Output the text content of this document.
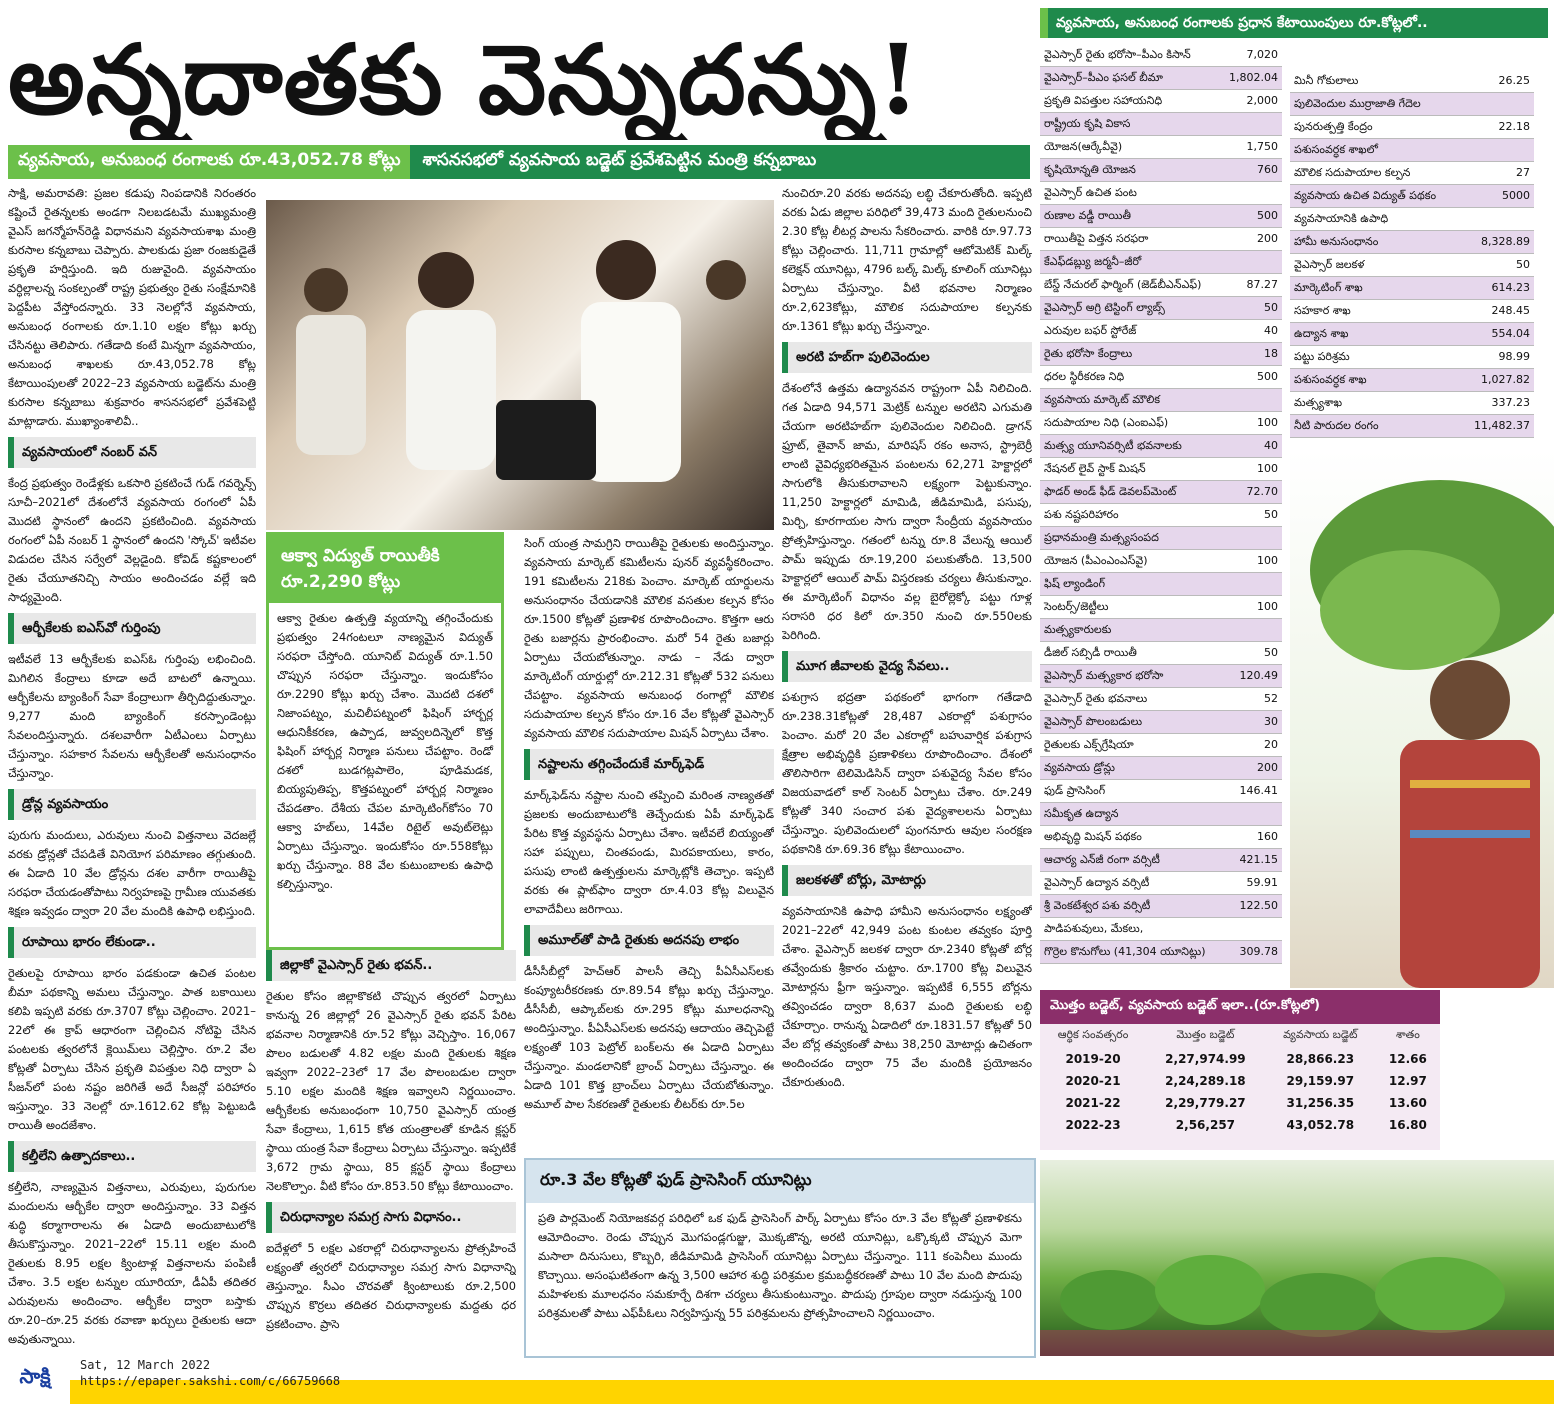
అన్నదాతకు వెన్నుదన్ను!
వ్యవసాయ, అనుబంధ రంగాలకు రూ.43,052.78 కోట్లు	శాసనసభలో వ్యవసాయ బడ్జెట్ ప్రవేశపెట్టిన మంత్రి కన్నబాబు

సాక్షి, అమరావతి: ప్రజల కడుపు నింపడానికి నిరంతరం కష్టించే రైతన్నలకు అండగా నిలబడటమే ముఖ్యమంత్రి వైఎస్ జగన్మోహన్‌రెడ్డి విధానమని వ్యవసాయశాఖ మంత్రి కురసాల కన్నబాబు చెప్పారు. పాలకుడు ప్రజా రంజకుడైతే ప్రకృతి హర్షిస్తుంది. ఇది రుజువైంది. వ్యవసాయం వర్ధిల్లాలన్న సంకల్పంతో రాష్ట్ర ప్రభుత్వం రైతు సంక్షేమానికి పెద్దపీట వేస్తోందన్నారు. 33 నెలల్లోనే వ్యవసాయ, అనుబంధ రంగాలకు రూ.1.10 లక్షల కోట్లు ఖర్చు చేసినట్టు తెలిపారు. గతేడాది కంటే మిన్నగా వ్యవసాయం, అనుబంధ శాఖలకు రూ.43,052.78 కోట్ల కేటాయింపులతో 2022–23 వ్యవసాయ బడ్జెట్‌ను మంత్రి కురసాల కన్నబాబు శుక్రవారం శాసనసభలో ప్రవేశపెట్టి మాట్లాడారు. ముఖ్యాంశాలివీ..

వ్యవసాయంలో నంబర్ వన్

కేంద్ర ప్రభుత్వం రెండేళ్లకు ఒకసారి ప్రకటించే గుడ్ గవర్నెన్స్ సూచీ–2021లో దేశంలోనే వ్యవసాయ రంగంలో ఏపీ మొదటి స్థానంలో ఉందని ప్రకటించింది. వ్యవసాయ రంగంలో ఏపీ నంబర్ 1 స్థానంలో ఉందని 'స్కోచ్' ఇటీవల విడుదల చేసిన సర్వేలో వెల్లడైంది. కోవిడ్ కష్టకాలంలో రైతు చేయూతనిచ్చి సాయం అందించడం వల్లే ఇది సాధ్యమైంది.

ఆర్బీకేలకు ఐఎస్‌వో గుర్తింపు

ఇటీవలే 13 ఆర్బీకేలకు ఐఎస్ఓ గుర్తింపు లభించింది. మిగిలిన కేంద్రాలు కూడా అదే బాటలో ఉన్నాయి. ఆర్బీకేలను బ్యాంకింగ్ సేవా కేంద్రాలుగా తీర్చిదిద్దుతున్నాం. 9,277 మంది బ్యాంకింగ్ కరస్పాండెంట్లు సేవలందిస్తున్నారు. దశలవారీగా ఏటీఎంలు ఏర్పాటు చేస్తున్నాం. సహకార సేవలను ఆర్బీకేలతో అనుసంధానం చేస్తున్నాం.

డ్రోన్ల వ్యవసాయం

పురుగు మందులు, ఎరువులు నుంచి విత్తనాలు వెదజల్లే వరకు డ్రోన్లతో చేపడితే వినియోగ పరిమాణం తగ్గుతుంది. ఈ ఏడాది 10 వేల డ్రోన్లను దశల వారీగా రాయితీపై సరఫరా చేయడంతోపాటు నిర్వహణపై గ్రామీణ యువతకు శిక్షణ ఇవ్వడం ద్వారా 20 వేల మందికి ఉపాధి లభిస్తుంది.

రూపాయి భారం లేకుండా..

రైతులపై రూపాయి భారం పడకుండా ఉచిత పంటల బీమా పథకాన్ని అమలు చేస్తున్నాం. పాత బకాయిలు కలిపి ఇప్పటి వరకు రూ.3707 కోట్లు చెల్లించాం. 2021–22లో ఈ క్రాప్ ఆధారంగా చెల్లించిన నోటిఫై చేసిన పంటలకు త్వరలోనే క్లెయిమ్‌లు చెల్లిస్తాం. రూ.2 వేల కోట్లతో ఏర్పాటు చేసిన ప్రకృతి విపత్తుల నిధి ద్వారా ఏ సీజన్‌లో పంట నష్టం జరిగితే అదే సీజన్లో పరిహారం ఇస్తున్నాం. 33 నెలల్లో రూ.1612.62 కోట్ల పెట్టుబడి రాయితీ అందజేశాం.

కల్తీలేని ఉత్పాదకాలు..

కల్తీలేని, నాణ్యమైన విత్తనాలు, ఎరువులు, పురుగుల మందులను ఆర్బీకేల ద్వారా అందిస్తున్నాం. 33 విత్తన శుద్ధి కర్మాగారాలను ఈ ఏడాది అందుబాటులోకి తీసుకొస్తున్నాం. 2021–22లో 15.11 లక్షల మంది రైతులకు 8.95 లక్షల క్వింటాళ్ల విత్తనాలను పంపిణీ చేశాం. 3.5 లక్షల టన్నుల యూరియా, డీఏపీ తదితర ఎరువులను అందించాం. ఆర్బీకేల ద్వారా బస్తాకు రూ.20–రూ.25 వరకు రవాణా ఖర్చులు రైతులకు ఆదా అవుతున్నాయి.

ఆక్వా విద్యుత్ రాయితీకి రూ.2,290 కోట్లు
ఆక్వా రైతుల ఉత్పత్తి వ్యయాన్ని తగ్గించేందుకు ప్రభుత్వం 24గంటలూ నాణ్యమైన విద్యుత్ సరఫరా చేస్తోంది. యూనిట్ విద్యుత్ రూ.1.50 చొప్పున సరఫరా చేస్తున్నాం. ఇందుకోసం రూ.2290 కోట్లు ఖర్చు చేశాం. మొదటి దశలో నిజాంపట్నం, మచిలీపట్నంలో ఫిషింగ్ హార్బర్ల ఆధునికీకరణ, ఉప్పాడ, జువ్వలదిన్నెలో కొత్త ఫిషింగ్ హార్బర్ల నిర్మాణ పనులు చేపట్టాం. రెండో దశలో బుడగట్లపాలెం, పూడిమడక, బియ్యపుతిప్ప, కొత్తపట్నంలో హార్బర్ల నిర్మాణం చేపడతాం. దేశీయ చేపల మార్కెటింగ్‌కోసం 70 ఆక్వా హబ్‌లు, 14వేల రిటైల్ అవుట్‌లెట్లు ఏర్పాటు చేస్తున్నాం. ఇందుకోసం రూ.558కోట్లు ఖర్చు చేస్తున్నాం. 88 వేల కుటుంబాలకు ఉపాధి కల్పిస్తున్నాం.
జిల్లాకో వైఎస్సార్ రైతు భవన్..

రైతుల కోసం జిల్లాకొకటి చొప్పున త్వరలో ఏర్పాటు కానున్న 26 జిల్లాల్లో 26 వైఎస్సార్ రైతు భవన్ పేరిట భవనాల నిర్మాణానికి రూ.52 కోట్లు వెచ్చిస్తాం. 16,067 పొలం బడులతో 4.82 లక్షల మంది రైతులకు శిక్షణ ఇవ్వగా 2022–23లో 17 వేల పొలంబడుల ద్వారా 5.10 లక్షల మందికి శిక్షణ ఇవ్వాలని నిర్ణయించాం. ఆర్బీకేలకు అనుబంధంగా 10,750 వైఎస్సార్ యంత్ర సేవా కేంద్రాలు, 1,615 కోత యంత్రాలతో కూడిన క్లస్టర్ స్థాయి యంత్ర సేవా కేంద్రాలు ఏర్పాటు చేస్తున్నాం. ఇప్పటికే 3,672 గ్రామ స్థాయి, 85 క్లస్టర్ స్థాయి కేంద్రాలు నెలకొల్పాం. వీటి కోసం రూ.853.50 కోట్లు కేటాయించాం.

చిరుధాన్యాల సమగ్ర సాగు విధానం..

ఐదేళ్లలో 5 లక్షల ఎకరాల్లో చిరుధాన్యాలను ప్రోత్సహించే లక్ష్యంతో త్వరలో చిరుధాన్యాల సమగ్ర సాగు విధానాన్ని తెస్తున్నాం. సీఎం చొరవతో క్వింటాలుకు రూ.2,500 చొప్పున కొర్రలు తదితర చిరుధాన్యాలకు మద్దతు ధర ప్రకటించాం. ప్రాసె

సింగ్ యంత్ర సామగ్రిని రాయితీపై రైతులకు అందిస్తున్నాం. వ్యవసాయ మార్కెట్ కమిటీలను పునర్ వ్యవస్థీకరించాం. 191 కమిటీలను 218కు పెంచాం. మార్కెట్ యార్డులను అనుసంధానం చేయడానికి మౌలిక వసతుల కల్పన కోసం రూ.1500 కోట్లతో ప్రణాళిక రూపొందించాం. కొత్తగా ఆరు రైతు బజార్లను ప్రారంభించాం. మరో 54 రైతు బజార్లు ఏర్పాటు చేయబోతున్నాం. నాడు – నేడు ద్వారా మార్కెటింగ్ యార్డుల్లో రూ.212.31 కోట్లతో 532 పనులు చేపట్టాం. వ్యవసాయ అనుబంధ రంగాల్లో మౌలిక సదుపాయాల కల్పన కోసం రూ.16 వేల కోట్లతో వైఎస్సార్ వ్యవసాయ మౌలిక సదుపాయాల మిషన్ ఏర్పాటు చేశాం.

నష్టాలను తగ్గించేందుకే మార్క్‌ఫెడ్

మార్క్‌ఫెడ్‌ను నష్టాల నుంచి తప్పించి మరింత నాణ్యతతో ప్రజలకు అందుబాటులోకి తెచ్చేందుకు ఏపీ మార్క్‌ఫెడ్ పేరిట కొత్త వ్యవస్థను ఏర్పాటు చేశాం. ఇటీవలే బియ్యంతో సహా పప్పులు, చింతపండు, మిరపకాయలు, కారం, పసుపు లాంటి ఉత్పత్తులను మార్కెట్లోకి తెచ్చాం. ఇప్పటి వరకు ఈ ప్లాట్‌ఫాం ద్వారా రూ.4.03 కోట్ల విలువైన లావాదేవీలు జరిగాయి.

అమూల్‌తో పాడి రైతుకు అదనపు లాభం

డీసీసీబీల్లో హెచ్‌ఆర్ పాలసీ తెచ్చి పీఏసీఎస్‌లకు కంప్యూటరీకరణకు రూ.89.54 కోట్లు ఖర్చు చేస్తున్నాం. డీసీసీబీ, ఆప్కాబ్‌లకు రూ.295 కోట్లు మూలధనాన్ని అందిస్తున్నాం. పీఏసీఎస్‌లకు అదనపు ఆదాయం తెచ్చిపెట్టే లక్ష్యంతో 103 పెట్రోల్ బంక్‌లను ఈ ఏడాది ఏర్పాటు చేస్తున్నాం. మండలానికో బ్రాంచ్ ఏర్పాటు చేస్తున్నాం. ఈ ఏడాది 101 కొత్త బ్రాంచ్‌లు ఏర్పాటు చేయబోతున్నాం. అమూల్ పాల సేకరణతో రైతులకు లీటర్‌కు రూ.5ల

నుంచిరూ.20 వరకు అదనపు లబ్ధి చేకూరుతోంది. ఇప్పటి వరకు ఏడు జిల్లాల పరిధిలో 39,473 మంది రైతులనుంచి 2.30 కోట్ల లీటర్ల పాలను సేకరించారు. వారికి రూ.97.73 కోట్లు చెల్లించారు. 11,711 గ్రామాల్లో ఆటోమెటిక్ మిల్క్ కలెక్షన్ యూనిట్లు, 4796 బల్క్ మిల్క్ కూలింగ్ యూనిట్లు ఏర్పాటు చేస్తున్నాం. వీటి భవనాల నిర్మాణం రూ.2,623కోట్లు, మౌలిక సదుపాయాల కల్పనకు రూ.1361 కోట్లు ఖర్చు చేస్తున్నాం.

అరటి హబ్‌గా పులివెందుల

దేశంలోనే ఉత్తమ ఉద్యానవన రాష్ట్రంగా ఏపీ నిలిచింది. గత ఏడాది 94,571 మెట్రిక్ టన్నుల అరటిని ఎగుమతి చేయగా అరటిహబ్‌గా పులివెందుల నిలిచింది. డ్రాగన్ ఫ్రూట్, తైవాన్ జామ, మారిషస్ రకం అనాస, స్ట్రాబెర్రీ లాంటి వైవిధ్యభరితమైన పంటలను 62,271 హెక్టార్లలో సాగులోకి తీసుకురావాలని లక్ష్యంగా పెట్టుకున్నాం. 11,250 హెక్టార్లలో మామిడి, జీడిమామిడి, పసుపు, మిర్చి, కూరగాయల సాగు ద్వారా సేంద్రీయ వ్యవసాయం ప్రోత్సహిస్తున్నాం. గతంలో టన్ను రూ.8 వేలున్న ఆయిల్ పామ్ ఇప్పుడు రూ.19,200 పలుకుతోంది. 13,500 హెక్టార్లలో ఆయిల్ పామ్ విస్తరణకు చర్యలు తీసుకున్నాం. ఈ మార్కెటింగ్ విధానం వల్ల బైరోల్లెక్కో పట్టు గూళ్ల సరాసరి ధర కిలో రూ.350 నుంచి రూ.550లకు పెరిగింది.

మూగ జీవాలకు వైద్య సేవలు..

పశుగ్రాస భద్రతా పథకంలో భాగంగా గతేడాది రూ.238.31కోట్లతో 28,487 ఎకరాల్లో పశుగ్రాసం పెంచాం. మరో 20 వేల ఎకరాల్లో బహువార్షిక పశుగ్రాస క్షేత్రాల అభివృద్ధికి ప్రణాళికలు రూపొందించాం. దేశంలో తొలిసారిగా టెలిమెడిసిన్ ద్వారా పశువైద్య సేవల కోసం విజయవాడలో కాల్ సెంటర్ ఏర్పాటు చేశాం. రూ.249 కోట్లతో 340 సంచార పశు వైద్యశాలలను ఏర్పాటు చేస్తున్నాం. పులివెందులలో పుంగనూరు ఆవుల సంరక్షణ పథకానికి రూ.69.36 కోట్లు కేటాయించాం.

జలకళతో బోర్లు, మోటార్లు

వ్యవసాయానికి ఉపాధి హామీని అనుసంధానం లక్ష్యంతో 2021–22లో 42,949 పంట కుంటల తవ్వకం పూర్తి చేశాం. వైఎస్సార్ జలకళ ద్వారా రూ.2340 కోట్లతో బోర్ల తవ్వేందుకు శ్రీకారం చుట్టాం. రూ.1700 కోట్ల విలువైన మోటార్లను ఫ్రీగా ఇస్తున్నాం. ఇప్పటికే 6,555 బోర్లను తవ్వించడం ద్వారా 8,637 మంది రైతులకు లబ్ధి చేకూర్చాం. రానున్న ఏడాదిలో రూ.1831.57 కోట్లతో 50 వేల బోర్ల తవ్వకంతో పాటు 38,250 మోటార్లు ఉచితంగా అందించడం ద్వారా 75 వేల మందికి ప్రయోజనం చేకూరుతుంది.

రూ.3 వేల కోట్లతో ఫుడ్ ప్రాసెసింగ్ యూనిట్లు
ప్రతి పార్లమెంట్ నియోజకవర్గ పరిధిలో ఒక ఫుడ్ ప్రాసెసింగ్ పార్క్ ఏర్పాటు కోసం రూ.3 వేల కోట్లతో ప్రణాళికను ఆమోదించాం. రెండు చొప్పున మొగపండ్లగుజ్జు, మొక్కజొన్న, అరటి యూనిట్లు, ఒక్కొక్కటి చొప్పున మెగా మసాలా దినుసులు, కొబ్బరి, జీడిమామిడి ప్రాసెసింగ్ యూనిట్లు ఏర్పాటు చేస్తున్నాం. 111 కంపెనీలు ముందు కొచ్చాయి. అసంఘటితంగా ఉన్న 3,500 ఆహార శుద్ధి పరిశ్రమల క్రమబద్ధీకరణతో పాటు 10 వేల మంది పొదుపు మహిళలకు మూలధనం సమకూర్చే దిశగా చర్యలు తీసుకుంటున్నాం. పొదుపు గ్రూపుల ద్వారా నడుస్తున్న 100 పరిశ్రమలతో పాటు ఎఫ్‌పీఓలు నిర్వహిస్తున్న 55 పరిశ్రమలను ప్రోత్సహించాలని నిర్ణయించాం.
వ్యవసాయ, అనుబంధ రంగాలకు ప్రధాన కేటాయింపులు రూ.కోట్లలో..
వైఎస్సార్ రైతు భరోసా–పీఎం కిసాన్	7,020
వైఎస్సార్–పీఎం ఫసల్ బీమా	1,802.04
ప్రకృతి విపత్తుల సహాయనిధి	2,000
రాష్ట్రీయ కృషి వికాస
యోజన(ఆర్కేవీవై)	1,750
కృషియోన్నతి యోజన	760
వైఎస్సార్ ఉచిత పంట
రుణాల వడ్డీ రాయితీ	500
రాయితీపై విత్తన సరఫరా	200
కేఎఫ్‌డబ్ల్యు జర్మనీ–జీరో
బేస్డ్ నేచురల్ ఫార్మింగ్ (జెడ్‌బీఎన్‌ఎఫ్)	87.27
వైఎస్సార్ అగ్రి టెస్టింగ్ ల్యాబ్స్	50
ఎరువుల బఫర్ స్టోరేజ్	40
రైతు భరోసా కేంద్రాలు	18
ధరల స్థిరీకరణ నిధి	500
వ్యవసాయ మార్కెట్ మౌలిక
సదుపాయాల నిధి (ఎంఐఎఫ్)	100
మత్స్య యూనివర్సిటీ భవనాలకు	40
నేషనల్ లైవ్ స్టాక్ మిషన్	100
ఫాడర్ అండ్ ఫీడ్ డెవలప్‌మెంట్	72.70
పశు నష్టపరిహారం	50
ప్రధానమంత్రి మత్స్యసంపద
యోజన (పీఎంఎంఎస్‌వై)	100
ఫిష్ ల్యాండింగ్
సెంటర్స్/జెట్టీలు	100
మత్స్యకారులకు
డీజిల్ సబ్సిడీ రాయితీ	50
వైఎస్సార్ మత్స్యకార భరోసా	120.49
వైఎస్సార్ రైతు భవనాలు	52
వైఎస్సార్ పొలంబడులు	30
రైతులకు ఎక్స్‌గ్రేషియా	20
వ్యవసాయ డ్రోన్లు	200
ఫుడ్ ప్రాసెసింగ్	146.41
సమీకృత ఉద్యాన
అభివృద్ధి మిషన్ పథకం	160
ఆచార్య ఎన్‌జీ రంగా వర్సిటీ	421.15
వైఎస్సార్ ఉద్యాన వర్సిటీ	59.91
శ్రీ వెంకటేశ్వర పశు వర్సిటీ	122.50
పాడిపశువులు, మేకలు,
గొర్రెల కొనుగోలు (41,304 యూనిట్లు)	309.78
మినీ గోకులాలు	26.25
పులివెందుల ముర్రాజాతి గేదెల
పునరుత్పత్తి కేంద్రం	22.18
పశుసంవర్ధక శాఖలో
మౌలిక సదుపాయాల కల్పన	27
వ్యవసాయ ఉచిత విద్యుత్ పథకం	5000
వ్యవసాయానికి ఉపాధి
హామీ అనుసంధానం	8,328.89
వైఎస్సార్ జలకళ	50
మార్కెటింగ్ శాఖ	614.23
సహకార శాఖ	248.45
ఉద్యాన శాఖ	554.04
పట్టు పరిశ్రమ	98.99
పశుసంవర్ధక శాఖ	1,027.82
మత్స్యశాఖ	337.23
నీటి పారుదల రంగం	11,482.37
మొత్తం బడ్జెట్, వ్యవసాయ బడ్జెట్ ఇలా..(రూ.కోట్లలో)
ఆర్థిక సంవత్సరం	మొత్తం బడ్జెట్	వ్యవసాయ బడ్జెట్	శాతం
2019-20	2,27,974.99	28,866.23	12.66
2020-21	2,24,289.18	29,159.97	12.97
2021-22	2,29,779.27	31,256.35	13.60
2022-23	2,56,257	43,052.78	16.80
సాక్షి	Sat, 12 March 2022
https://epaper.sakshi.com/c/66759668
